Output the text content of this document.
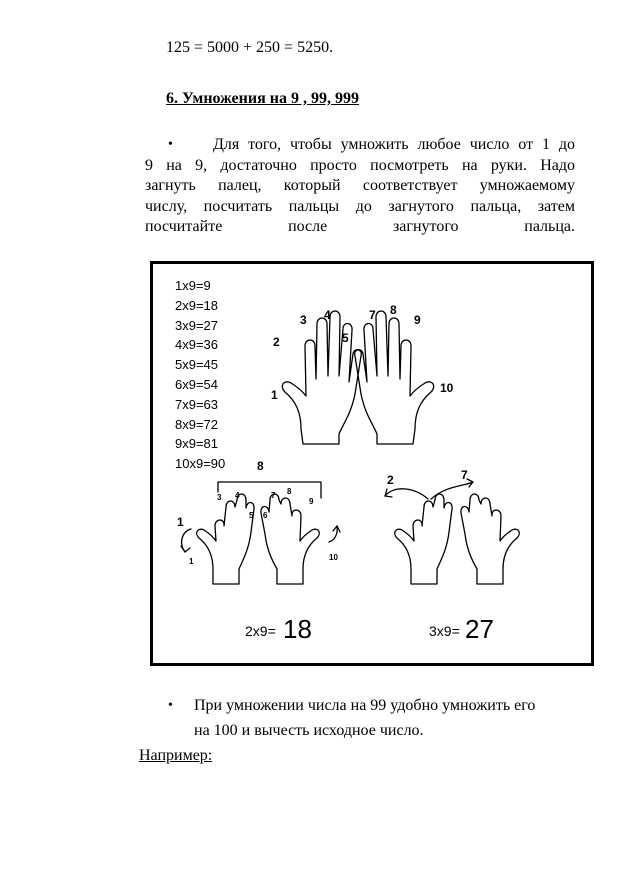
125 = 5000 + 250 = 5250.
6. Умножения на 9 , 99, 999
•	Для того, чтобы умножить любое число от 1 до
9 на 9, достаточно просто посмотреть на руки. Надо
загнуть палец, который соответствует умножаемому
числу, посчитать пальцы до загнутого пальца, затем
посчитайте после загнутого пальца.
1x9=9
2x9=18
3x9=27
4x9=36
5x9=45
6x9=54
7x9=63
8x9=72
9x9=81
10x9=90
1
2
3 4
5
7 8
9
10
8
1
2	7
1
3 4
5 6
7 8
9
10
2x9= 18	3x9= 27
• При умножении числа на 99 удобно умножить его
на 100 и вычесть исходное число.
Например:
